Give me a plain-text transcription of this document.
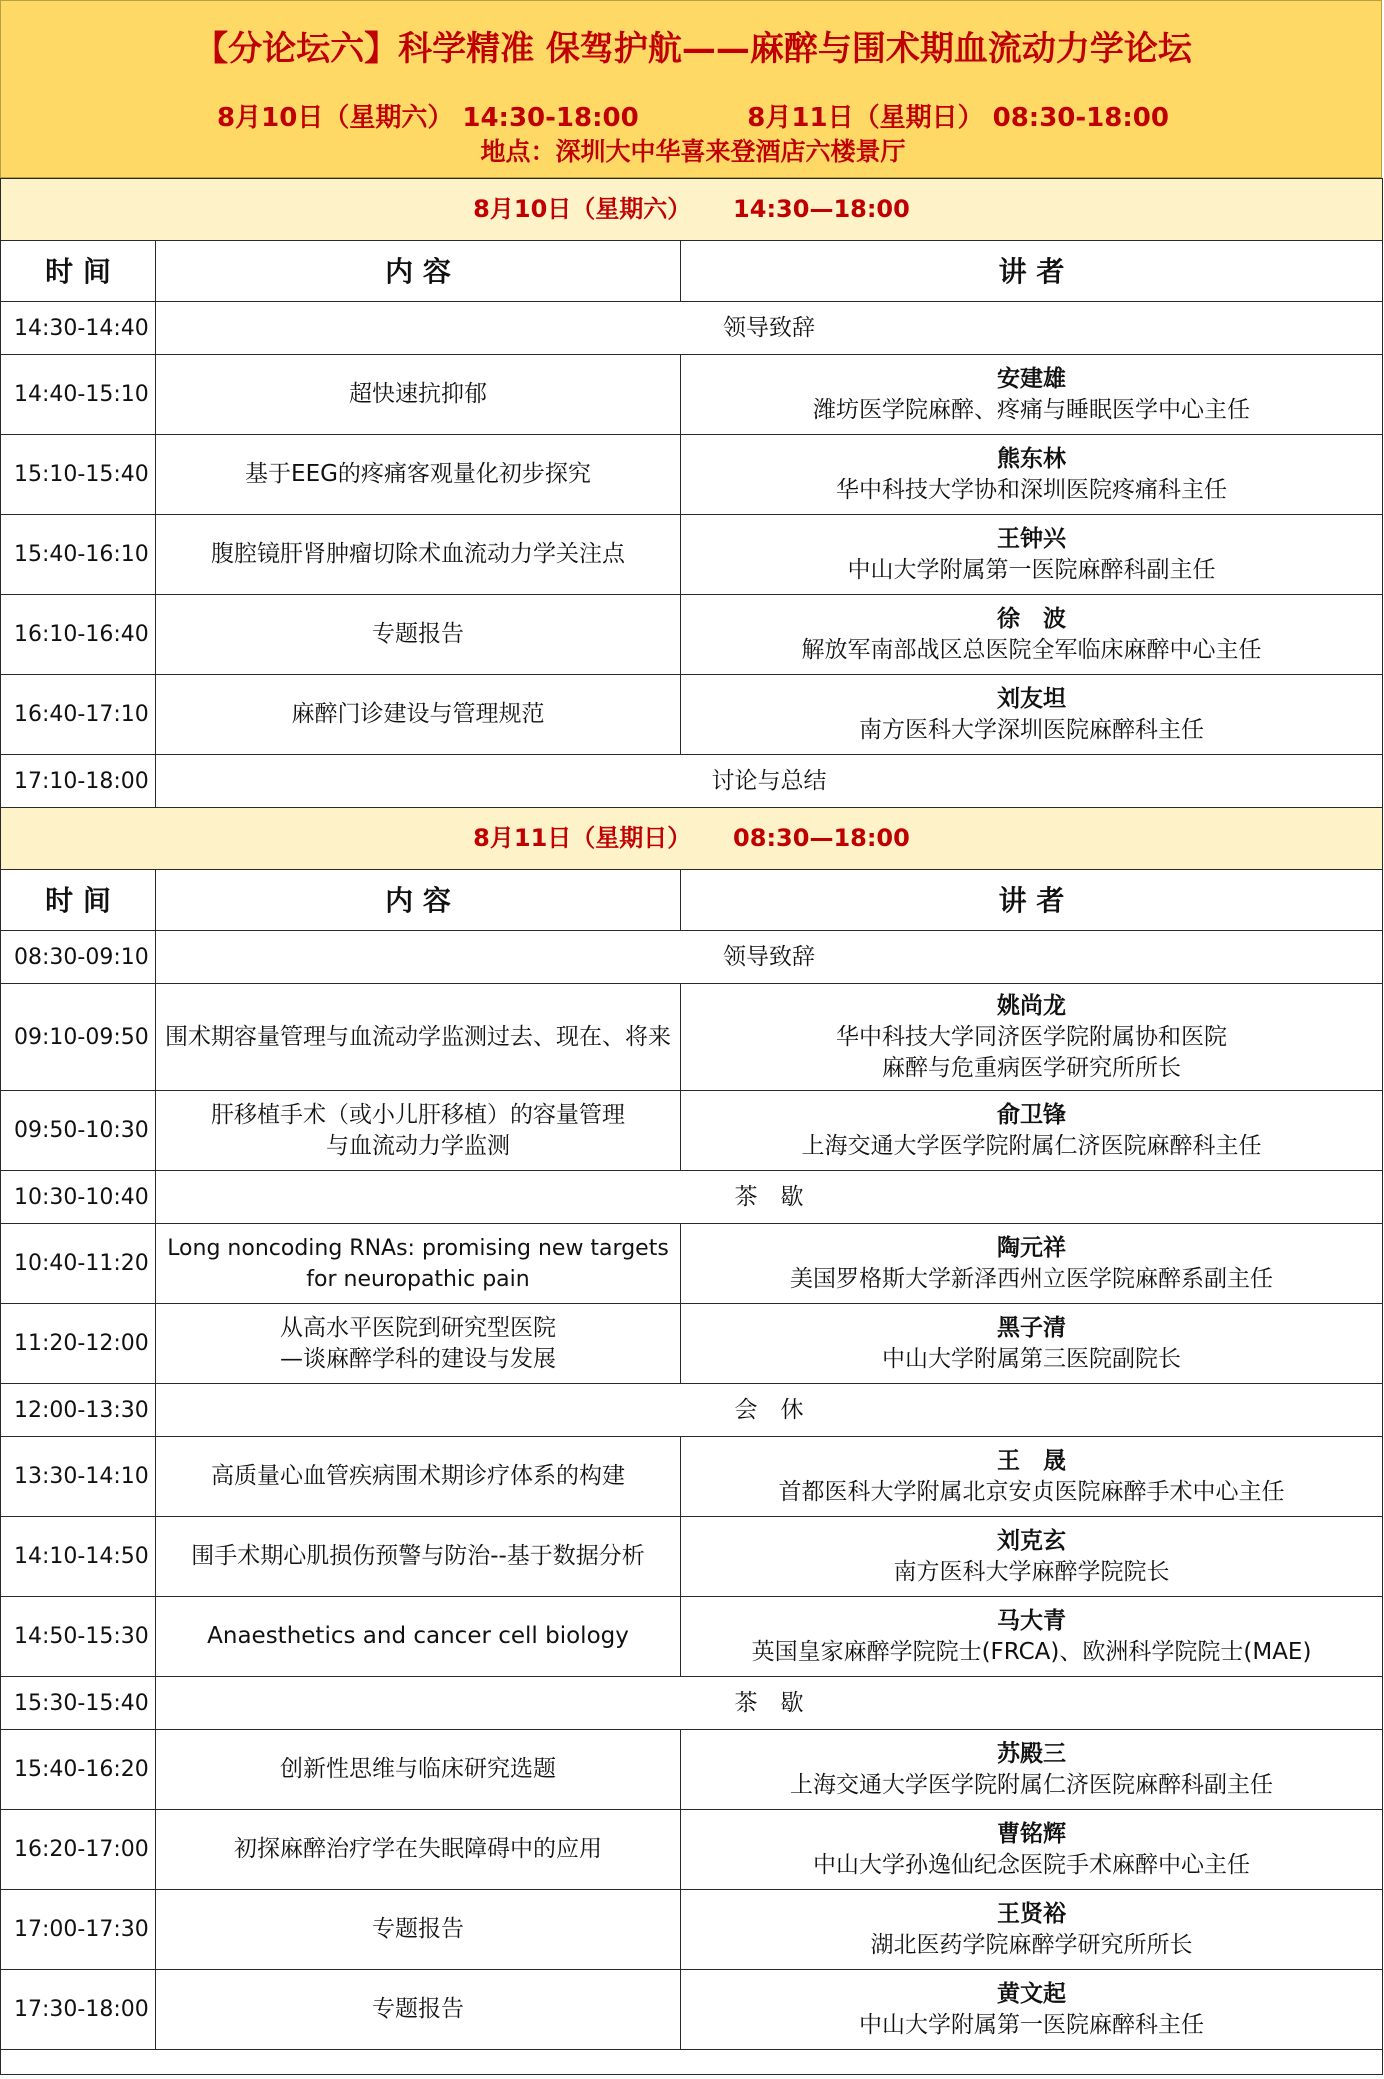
【分论坛六】科学精准 保驾护航——麻醉与围术期血流动力学论坛
8月10日（星期六） 14:30-18:00            8月11日（星期日） 08:30-18:00
地点：深圳大中华喜来登酒店六楼景厅
8月10日（星期六）     14:30—18:00		
时 间	内 容	讲 者
14:30-14:40	领导致辞	
14:40-15:10	超快速抗抑郁	安建雄
潍坊医学院麻醉、疼痛与睡眠医学中心主任

15:10-15:40	基于EEG的疼痛客观量化初步探究	熊东林
华中科技大学协和深圳医院疼痛科主任

15:40-16:10	腹腔镜肝肾肿瘤切除术血流动力学关注点	王钟兴
中山大学附属第一医院麻醉科副主任

16:10-16:40	专题报告	徐　波
解放军南部战区总医院全军临床麻醉中心主任

16:40-17:10	麻醉门诊建设与管理规范	刘友坦
南方医科大学深圳医院麻醉科主任

17:10-18:00	讨论与总结	
8月11日（星期日）     08:30—18:00		
时 间	内 容	讲 者
08:30-09:10	领导致辞	
09:10-09:50	围术期容量管理与血流动学监测过去、现在、将来	姚尚龙
华中科技大学同济医学院附属协和医院
麻醉与危重病医学研究所所长

09:50-10:30	肝移植手术（或小儿肝移植）的容量管理
与血流动力学监测	俞卫锋
上海交通大学医学院附属仁济医院麻醉科主任

10:30-10:40	茶　歇	
10:40-11:20	Long noncoding RNAs: promising new targets
for neuropathic pain	陶元祥
美国罗格斯大学新泽西州立医学院麻醉系副主任

11:20-12:00	从高水平医院到研究型医院
—谈麻醉学科的建设与发展	黑子清
中山大学附属第三医院副院长

12:00-13:30	会　休	
13:30-14:10	高质量心血管疾病围术期诊疗体系的构建	王　晟
首都医科大学附属北京安贞医院麻醉手术中心主任

14:10-14:50	围手术期心肌损伤预警与防治--基于数据分析	刘克玄
南方医科大学麻醉学院院长

14:50-15:30	Anaesthetics and cancer cell biology	马大青
英国皇家麻醉学院院士(FRCA)、欧洲科学院院士(MAE)

15:30-15:40	茶　歇	
15:40-16:20	创新性思维与临床研究选题	苏殿三
上海交通大学医学院附属仁济医院麻醉科副主任

16:20-17:00	初探麻醉治疗学在失眠障碍中的应用	曹铭辉
中山大学孙逸仙纪念医院手术麻醉中心主任

17:00-17:30	专题报告	王贤裕
湖北医药学院麻醉学研究所所长

17:30-18:00	专题报告	黄文起
中山大学附属第一医院麻醉科主任
